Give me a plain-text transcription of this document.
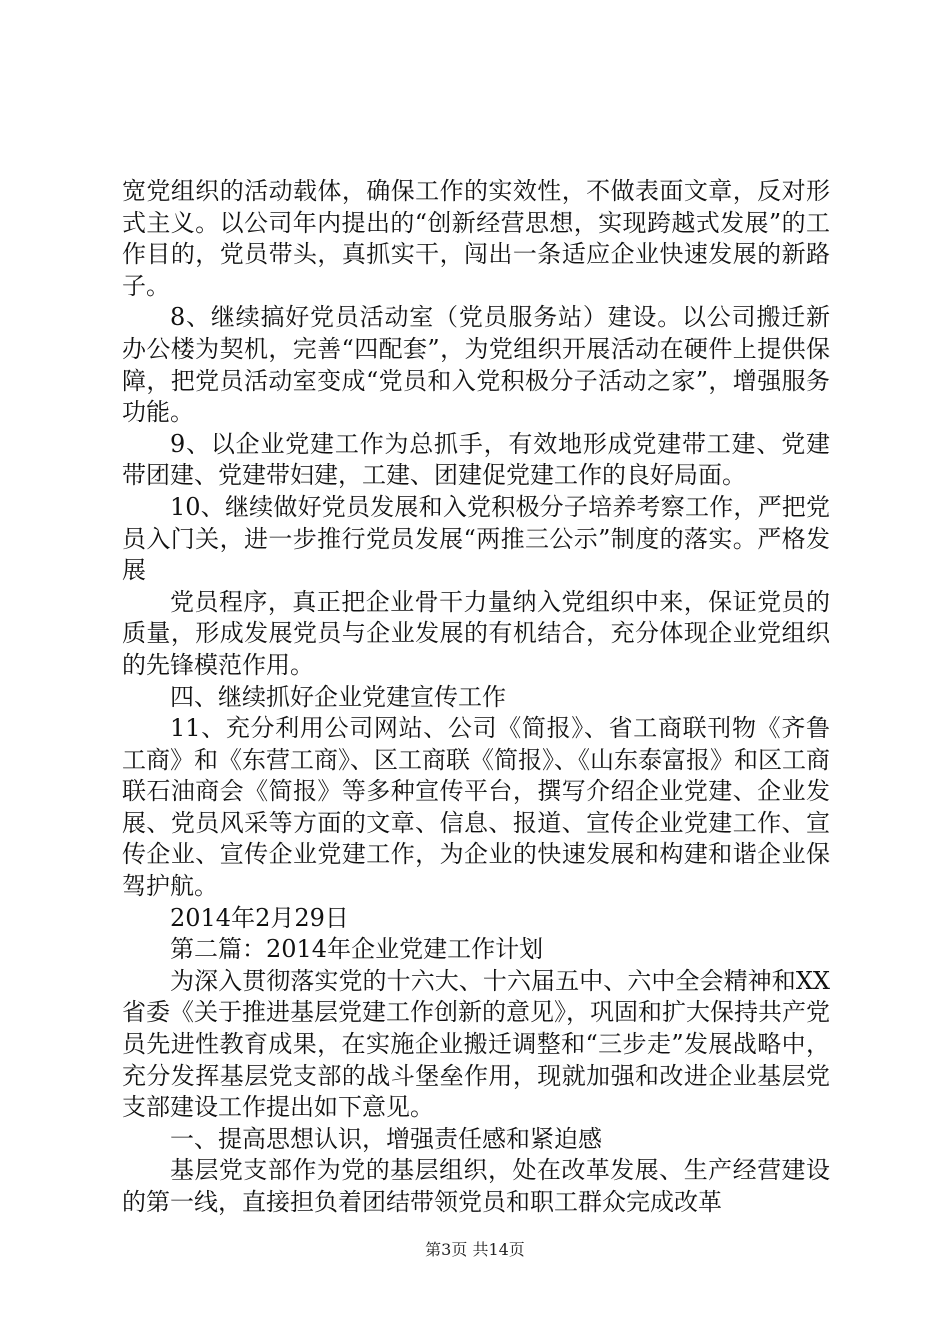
宽党组织的活动载体，确保工作的实效性，不做表面文章，反对形式主义。以公司年内提出的“创新经营思想，实现跨越式发展”的工作目的，党员带头，真抓实干，闯出一条适应企业快速发展的新路子。

8、继续搞好党员活动室（党员服务站）建设。以公司搬迁新办公楼为契机，完善“四配套”，为党组织开展活动在硬件上提供保障，把党员活动室变成“党员和入党积极分子活动之家”，增强服务功能。

9、以企业党建工作为总抓手，有效地形成党建带工建、党建带团建、党建带妇建，工建、团建促党建工作的良好局面。

10、继续做好党员发展和入党积极分子培养考察工作，严把党员入门关，进一步推行党员发展“两推三公示”制度的落实。严格发展

党员程序，真正把企业骨干力量纳入党组织中来，保证党员的质量，形成发展党员与企业发展的有机结合，充分体现企业党组织的先锋模范作用。

四、继续抓好企业党建宣传工作

11、充分利用公司网站、公司《简报》、省工商联刊物《齐鲁工商》和《东营工商》、区工商联《简报》、《山东泰富报》和区工商联石油商会《简报》等多种宣传平台，撰写介绍企业党建、企业发展、党员风采等方面的文章、信息、报道、宣传企业党建工作、宣传企业、宣传企业党建工作，为企业的快速发展和构建和谐企业保驾护航。

2014年2月29日

第二篇：2014年企业党建工作计划

为深入贯彻落实党的十六大、十六届五中、六中全会精神和XX省委《关于推进基层党建工作创新的意见》，巩固和扩大保持共产党员先进性教育成果，在实施企业搬迁调整和“三步走”发展战略中，充分发挥基层党支部的战斗堡垒作用，现就加强和改进企业基层党支部建设工作提出如下意见。

一、提高思想认识，增强责任感和紧迫感

基层党支部作为党的基层组织，处在改革发展、生产经营建设的第一线，直接担负着团结带领党员和职工群众完成改革

第3页 共14页
